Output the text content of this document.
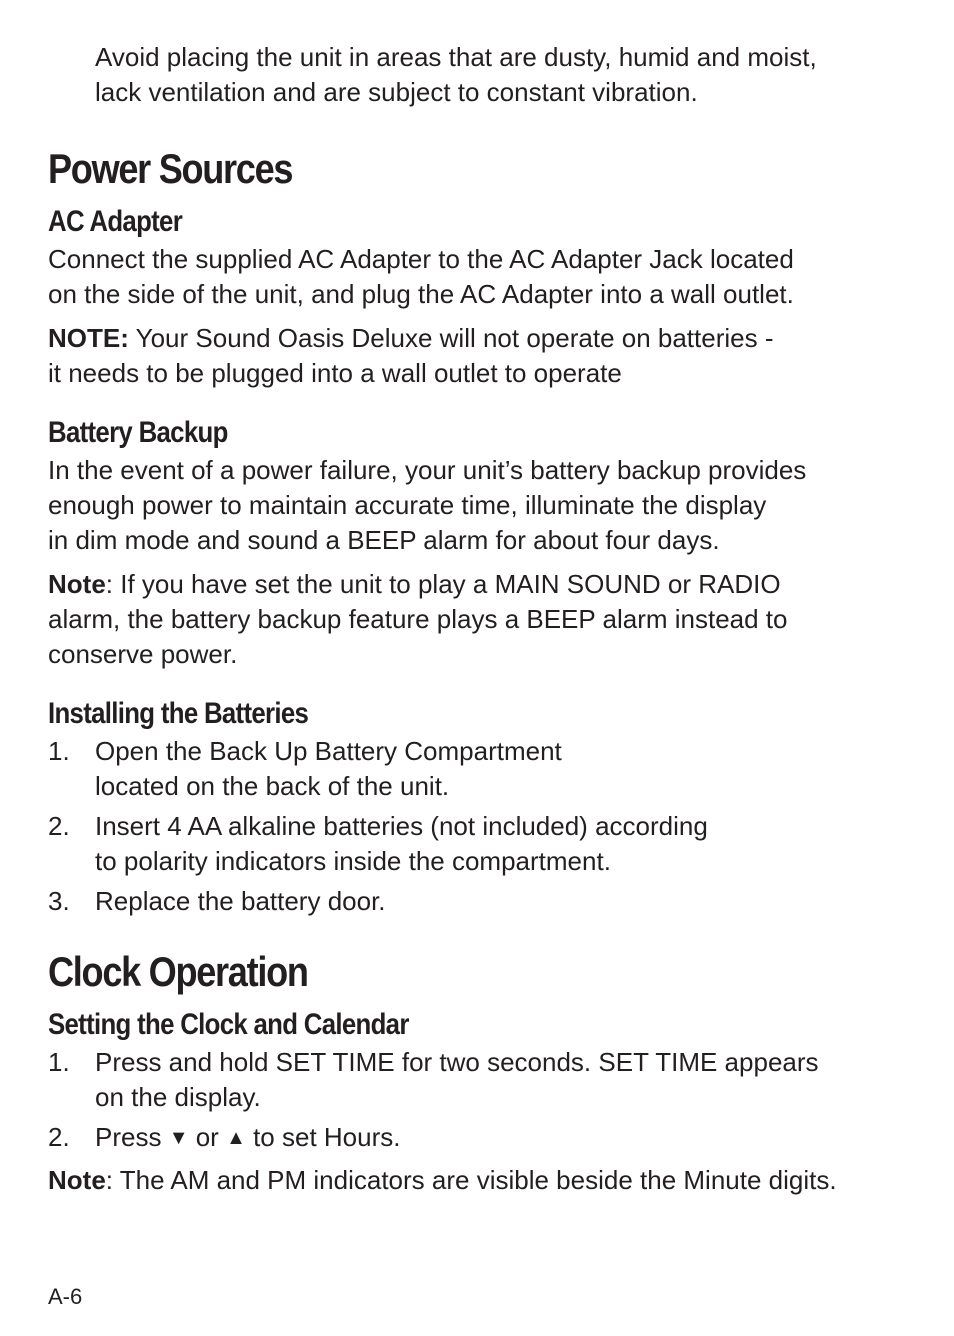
Avoid placing the unit in areas that are dusty, humid and moist,
lack ventilation and are subject to constant vibration.

Power Sources
AC Adapter

Connect the supplied AC Adapter to the AC Adapter Jack located
on the side of the unit, and plug the AC Adapter into a wall outlet.

NOTE: Your Sound Oasis Deluxe will not operate on batteries -
it needs to be plugged into a wall outlet to operate

Battery Backup

In the event of a power failure, your unit’s battery backup provides
enough power to maintain accurate time, illuminate the display
in dim mode and sound a BEEP alarm for about four days.

Note: If you have set the unit to play a MAIN SOUND or RADIO
alarm, the battery backup feature plays a BEEP alarm instead to
conserve power.

Installing the Batteries
1. Open the Back Up Battery Compartment
located on the back of the unit.
2. Insert 4 AA alkaline batteries (not included) according
to polarity indicators inside the compartment.
3. Replace the battery door.
Clock Operation
Setting the Clock and Calendar
1. Press and hold SET TIME for two seconds. SET TIME appears
on the display.
2. Press ▼ or ▲ to set Hours.

Note: The AM and PM indicators are visible beside the Minute digits.

A-6
